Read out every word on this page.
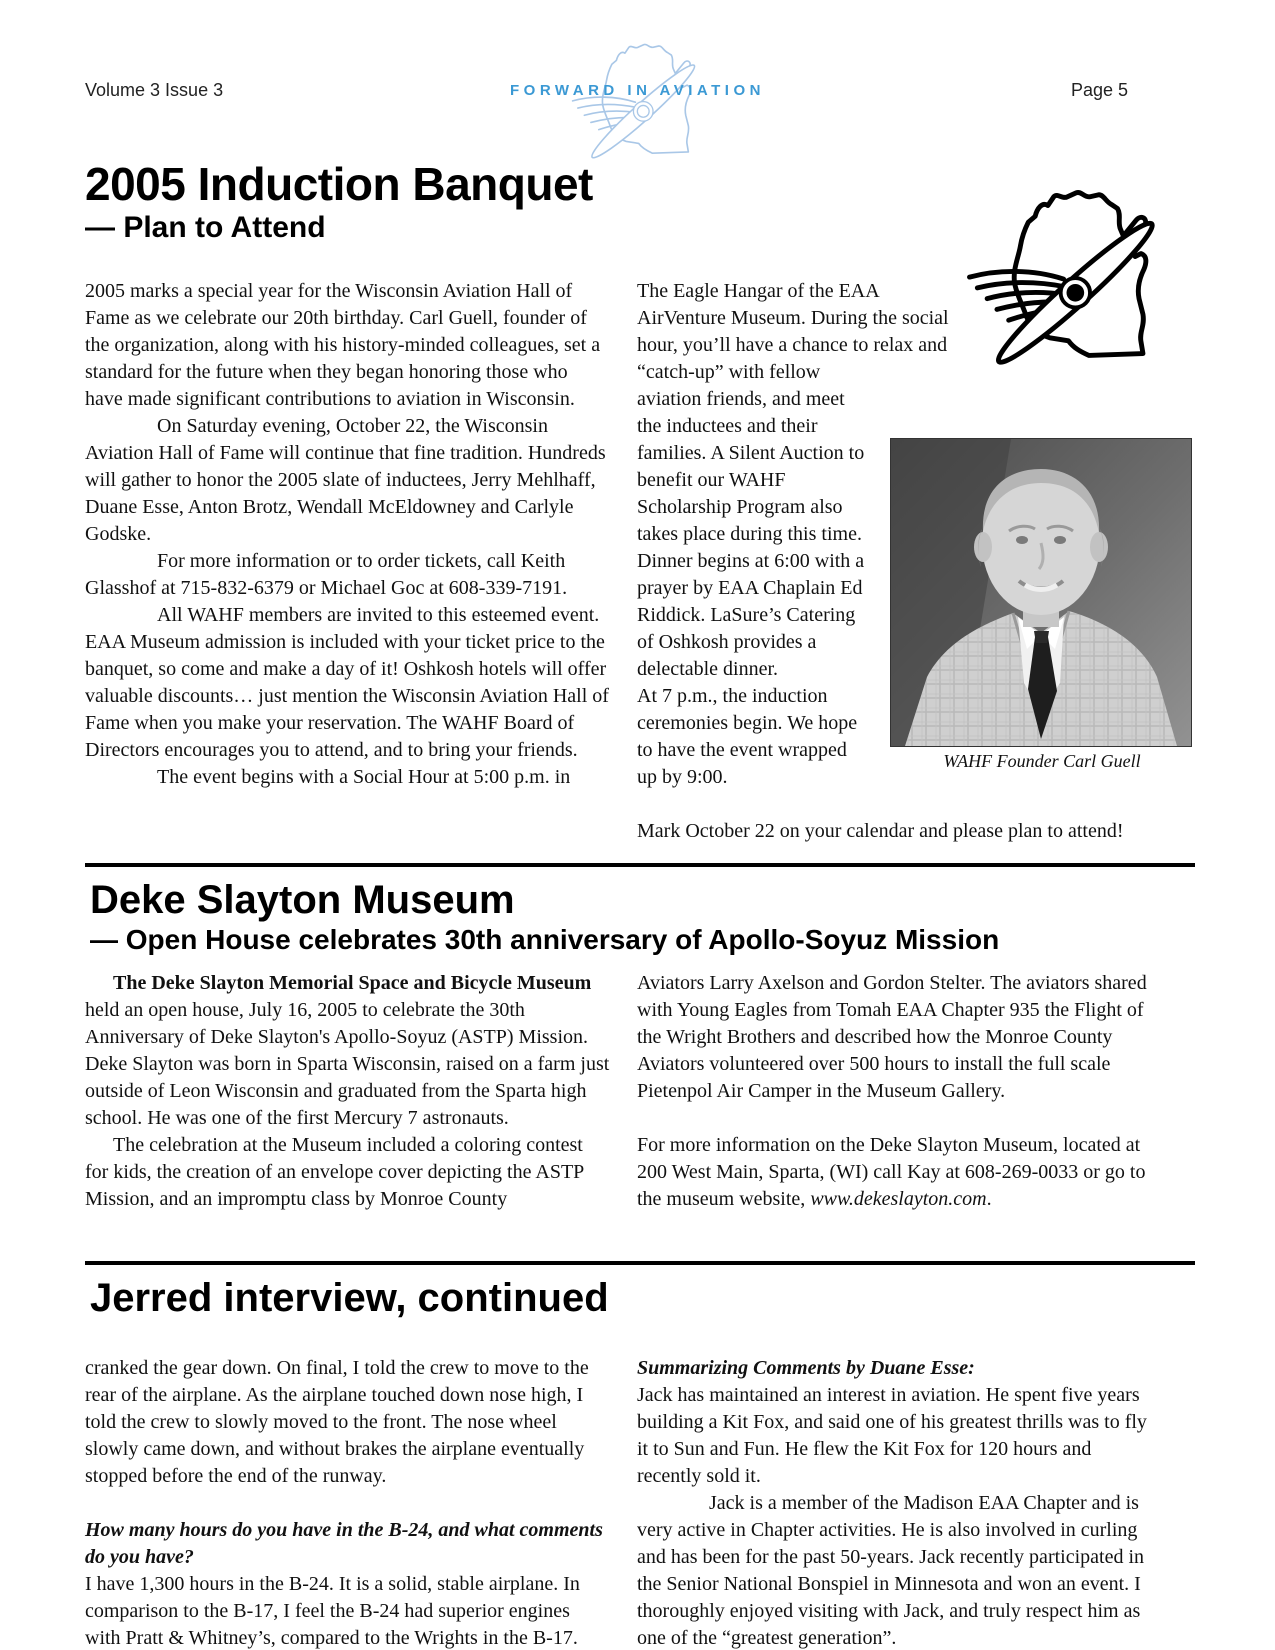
Volume 3 Issue 3	Page 5
FORWARD IN AVIATION
2005 Induction Banquet
— Plan to Attend

2005 marks a special year for the Wisconsin Aviation Hall of Fame as we celebrate our 20th birthday. Carl Guell, founder of the organization, along with his history-minded colleagues, set a standard for the future when they began honoring those who have made significant contributions to aviation in Wisconsin.

On Saturday evening, October 22, the Wisconsin Aviation Hall of Fame will continue that fine tradition. Hundreds will gather to honor the 2005 slate of inductees, Jerry Mehlhaff, Duane Esse, Anton Brotz, Wendall McEldowney and Carlyle Godske.

For more information or to order tickets, call Keith Glasshof at 715-832-6379 or Michael Goc at 608-339-7191.

All WAHF members are invited to this esteemed event. EAA Museum admission is included with your ticket price to the banquet, so come and make a day of it! Oshkosh hotels will offer valuable discounts… just mention the Wisconsin Aviation Hall of Fame when you make your reservation. The WAHF Board of Directors encourages you to attend, and to bring your friends.

The event begins with a Social Hour at 5:00 p.m. in

WAHF Founder Carl Guell

The Eagle Hangar of the EAA AirVenture Museum. During the social hour, you’ll have a chance to relax and “catch-up” with fellow aviation friends, and meet the inductees and their families. A Silent Auction to benefit our WAHF Scholarship Program also takes place during this time. Dinner begins at 6:00 with a prayer by EAA Chaplain Ed Riddick. LaSure’s Catering of Oshkosh provides a delectable dinner.

At 7 p.m., the induction ceremonies begin. We hope to have the event wrapped up by 9:00.

Mark October 22 on your calendar and please plan to attend!

Deke Slayton Museum
— Open House celebrates 30th anniversary of Apollo-Soyuz Mission

The Deke Slayton Memorial Space and Bicycle Museum held an open house, July 16, 2005 to celebrate the 30th Anniversary of Deke Slayton's Apollo-Soyuz (ASTP) Mission. Deke Slayton was born in Sparta Wisconsin, raised on a farm just outside of Leon Wisconsin and graduated from the Sparta high school. He was one of the first Mercury 7 astronauts.

The celebration at the Museum included a coloring contest for kids, the creation of an envelope cover depicting the ASTP Mission, and an impromptu class by Monroe County

Aviators Larry Axelson and Gordon Stelter. The aviators shared with Young Eagles from Tomah EAA Chapter 935 the Flight of the Wright Brothers and described how the Monroe County Aviators volunteered over 500 hours to install the full scale Pietenpol Air Camper in the Museum Gallery.

For more information on the Deke Slayton Museum, located at 200 West Main, Sparta, (WI) call Kay at 608-269-0033 or go to the museum website, www.dekeslayton.com.

Jerred interview, continued

cranked the gear down. On final, I told the crew to move to the rear of the airplane. As the airplane touched down nose high, I told the crew to slowly moved to the front. The nose wheel slowly came down, and without brakes the airplane eventually stopped before the end of the runway.

How many hours do you have in the B-24, and what comments do you have?

I have 1,300 hours in the B-24. It is a solid, stable airplane. In comparison to the B-17, I feel the B-24 had superior engines with Pratt & Whitney’s, compared to the Wrights in the B-17.

Summarizing Comments by Duane Esse:

Jack has maintained an interest in aviation. He spent five years building a Kit Fox, and said one of his greatest thrills was to fly it to Sun and Fun. He flew the Kit Fox for 120 hours and recently sold it.

Jack is a member of the Madison EAA Chapter and is very active in Chapter activities. He is also involved in curling and has been for the past 50-years. Jack recently participated in the Senior National Bonspiel in Minnesota and won an event. I thoroughly enjoyed visiting with Jack, and truly respect him as one of the “greatest generation”.
